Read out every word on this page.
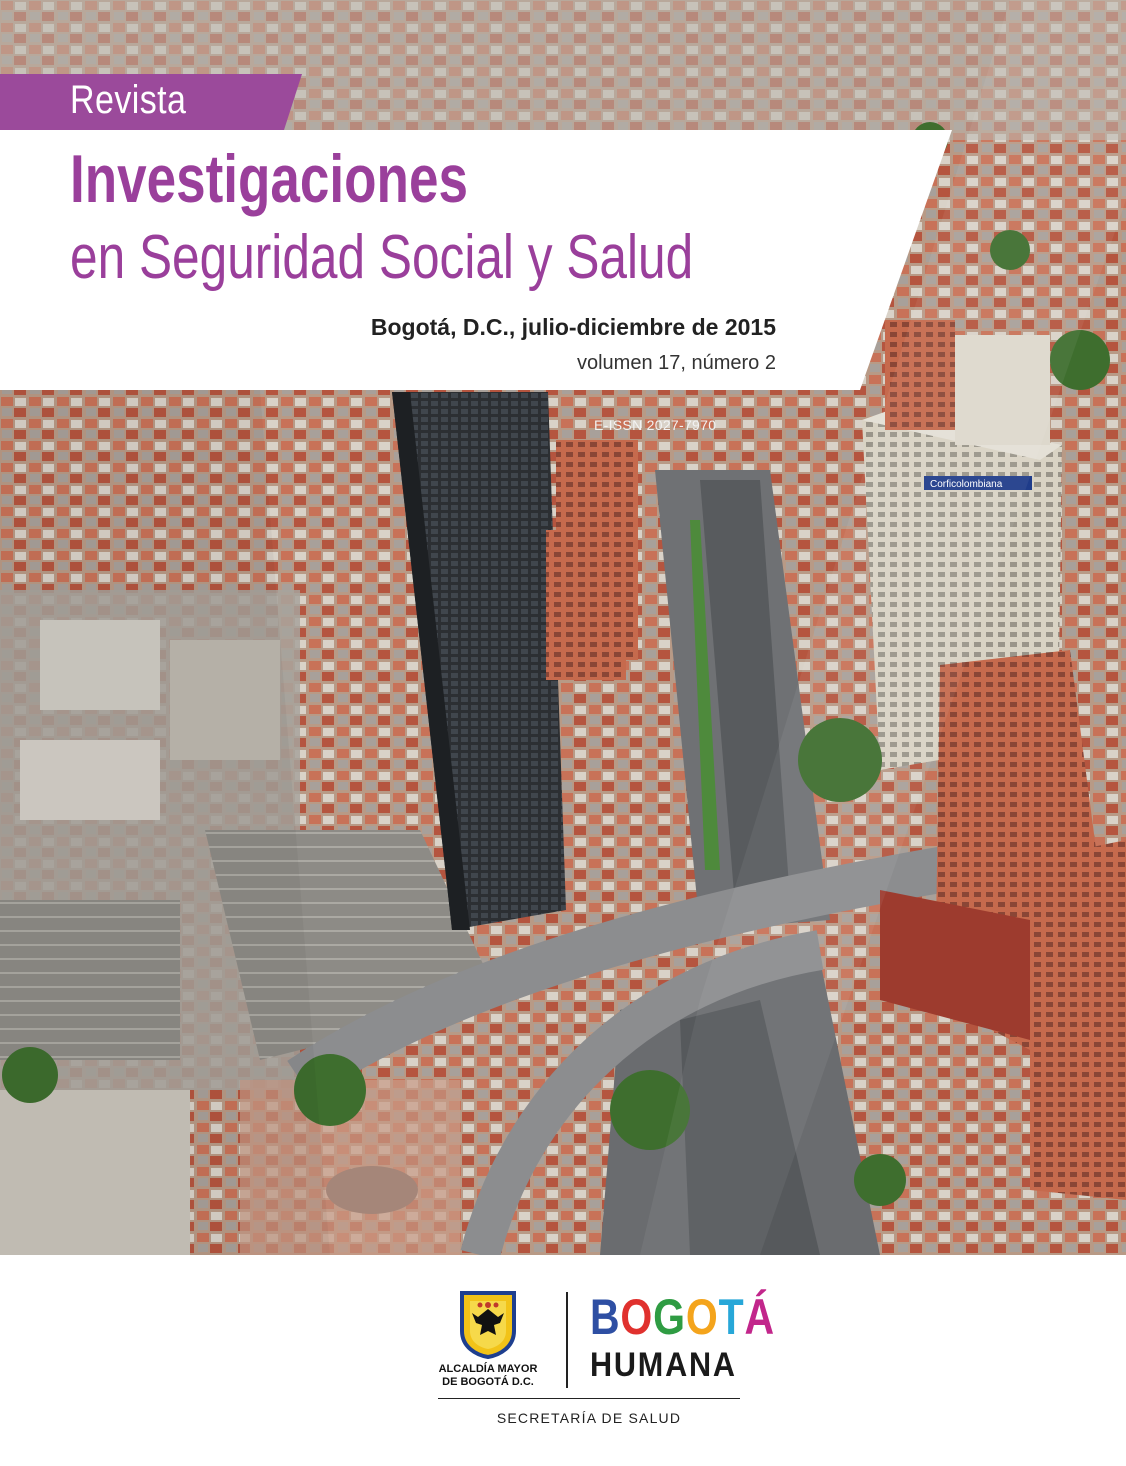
Corficolombiana
Revista
Investigaciones
en Seguridad Social y Salud
Bogotá, D.C., julio-diciembre de 2015
volumen 17, número 2
E-ISSN 2027-7970
ALCALDÍA MAYOR
DE BOGOTÁ D.C.
BOGOTÁ
HUMANA
SECRETARÍA DE SALUD
